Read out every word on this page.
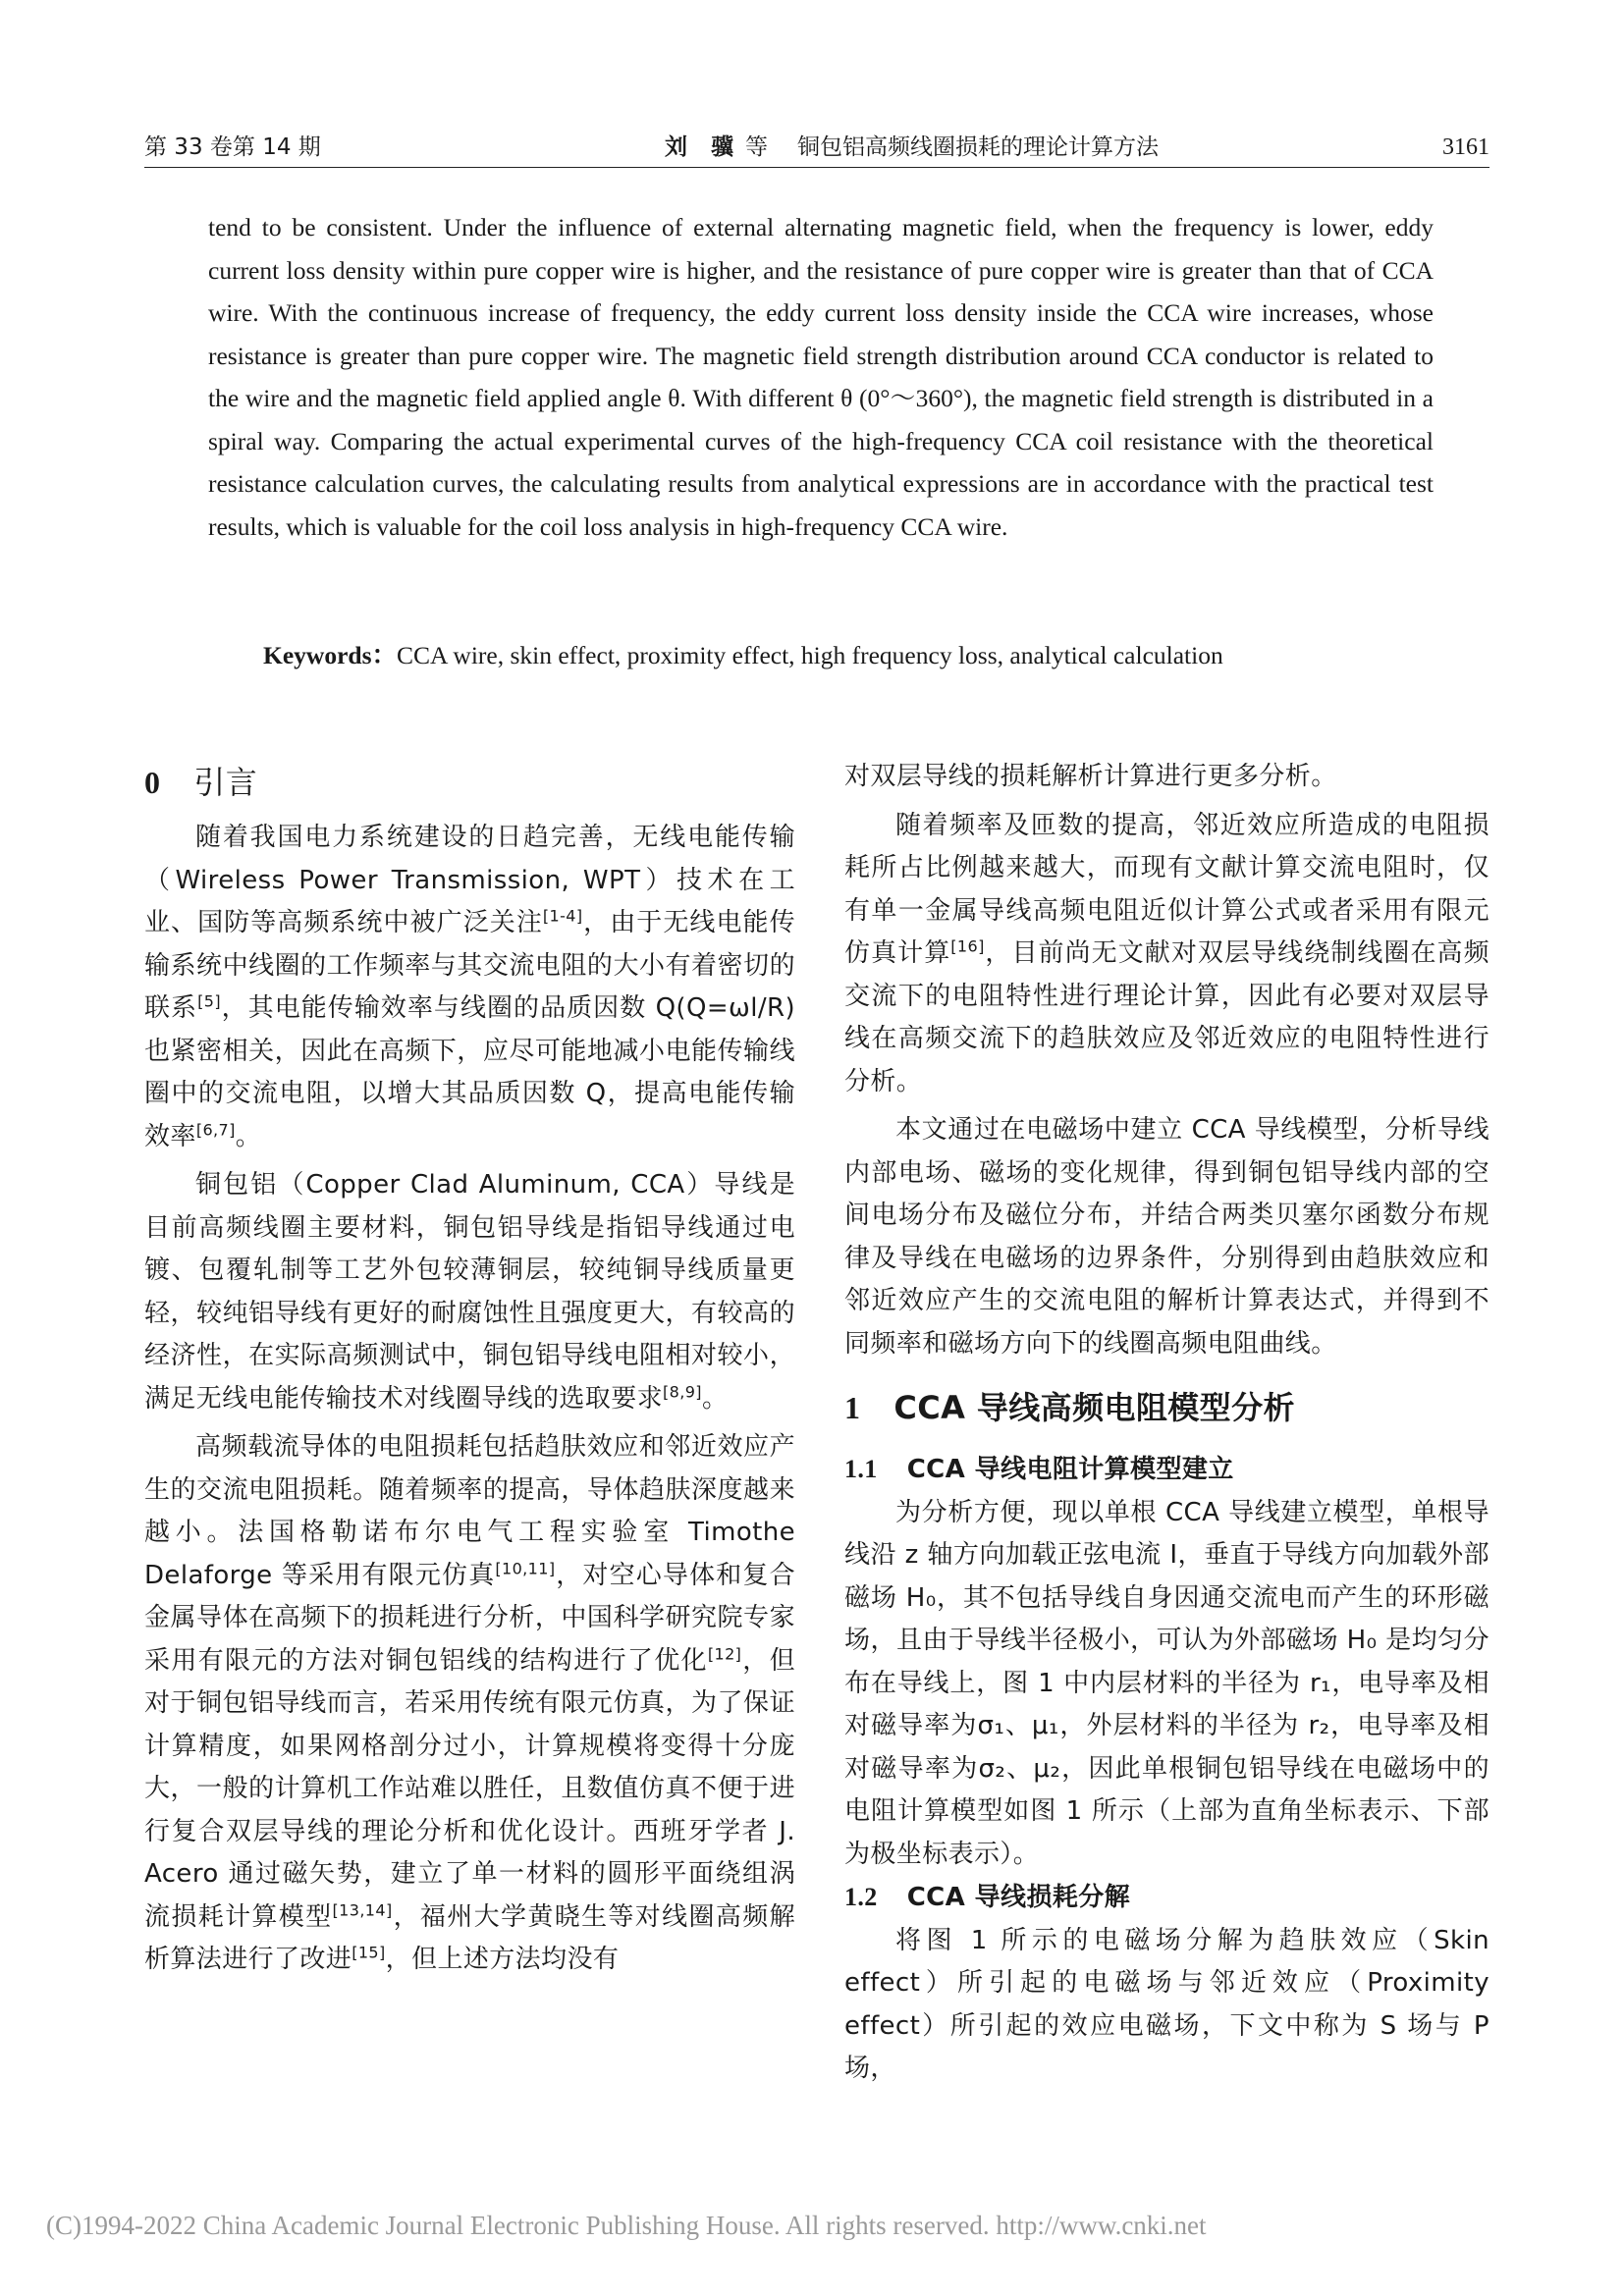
第 33 卷第 14 期	刘 骥 等 铜包铝高频线圈损耗的理论计算方法	3161

tend to be consistent. Under the influence of external alternating magnetic field, when the frequency is lower, eddy current loss density within pure copper wire is higher, and the resistance of pure copper wire is greater than that of CCA wire. With the continuous increase of frequency, the eddy current loss density inside the CCA wire increases, whose resistance is greater than pure copper wire. The magnetic field strength distribution around CCA conductor is related to the wire and the magnetic field applied angle θ. With different θ (0°～360°), the magnetic field strength is distributed in a spiral way. Comparing the actual experimental curves of the high-frequency CCA coil resistance with the theoretical resistance calculation curves, the calculating results from analytical expressions are in accordance with the practical test results, which is valuable for the coil loss analysis in high-frequency CCA wire.

Keywords：CCA wire, skin effect, proximity effect, high frequency loss, analytical calculation
0 引言

随着我国电力系统建设的日趋完善，无线电能传输（Wireless Power Transmission, WPT）技术在工业、国防等高频系统中被广泛关注[1-4]，由于无线电能传输系统中线圈的工作频率与其交流电阻的大小有着密切的联系[5]，其电能传输效率与线圈的品质因数 Q(Q=ωl/R)也紧密相关，因此在高频下，应尽可能地减小电能传输线圈中的交流电阻，以增大其品质因数 Q，提高电能传输效率[6,7]。

铜包铝（Copper Clad Aluminum, CCA）导线是目前高频线圈主要材料，铜包铝导线是指铝导线通过电镀、包覆轧制等工艺外包较薄铜层，较纯铜导线质量更轻，较纯铝导线有更好的耐腐蚀性且强度更大，有较高的经济性，在实际高频测试中，铜包铝导线电阻相对较小，满足无线电能传输技术对线圈导线的选取要求[8,9]。

高频载流导体的电阻损耗包括趋肤效应和邻近效应产生的交流电阻损耗。随着频率的提高，导体趋肤深度越来越小。法国格勒诺布尔电气工程实验室 Timothe Delaforge 等采用有限元仿真[10,11]，对空心导体和复合金属导体在高频下的损耗进行分析，中国科学研究院专家采用有限元的方法对铜包铝线的结构进行了优化[12]，但对于铜包铝导线而言，若采用传统有限元仿真，为了保证计算精度，如果网格剖分过小，计算规模将变得十分庞大，一般的计算机工作站难以胜任，且数值仿真不便于进行复合双层导线的理论分析和优化设计。西班牙学者 J. Acero 通过磁矢势，建立了单一材料的圆形平面绕组涡流损耗计算模型[13,14]，福州大学黄晓生等对线圈高频解析算法进行了改进[15]，但上述方法均没有

对双层导线的损耗解析计算进行更多分析。

随着频率及匝数的提高，邻近效应所造成的电阻损耗所占比例越来越大，而现有文献计算交流电阻时，仅有单一金属导线高频电阻近似计算公式或者采用有限元仿真计算[16]，目前尚无文献对双层导线绕制线圈在高频交流下的电阻特性进行理论计算，因此有必要对双层导线在高频交流下的趋肤效应及邻近效应的电阻特性进行分析。

本文通过在电磁场中建立 CCA 导线模型，分析导线内部电场、磁场的变化规律，得到铜包铝导线内部的空间电场分布及磁位分布，并结合两类贝塞尔函数分布规律及导线在电磁场的边界条件，分别得到由趋肤效应和邻近效应产生的交流电阻的解析计算表达式，并得到不同频率和磁场方向下的线圈高频电阻曲线。

1 CCA 导线高频电阻模型分析
1.1 CCA 导线电阻计算模型建立

为分析方便，现以单根 CCA 导线建立模型，单根导线沿 z 轴方向加载正弦电流 I，垂直于导线方向加载外部磁场 H₀，其不包括导线自身因通交流电而产生的环形磁场，且由于导线半径极小，可认为外部磁场 H₀ 是均匀分布在导线上，图 1 中内层材料的半径为 r₁，电导率及相对磁导率为σ₁、μ₁，外层材料的半径为 r₂，电导率及相对磁导率为σ₂、μ₂，因此单根铜包铝导线在电磁场中的电阻计算模型如图 1 所示（上部为直角坐标表示、下部为极坐标表示）。

1.2 CCA 导线损耗分解

将图 1 所示的电磁场分解为趋肤效应（Skin effect）所引起的电磁场与邻近效应（Proximity effect）所引起的效应电磁场，下文中称为 S 场与 P 场，

(C)1994-2022 China Academic Journal Electronic Publishing House. All rights reserved. http://www.cnki.net
